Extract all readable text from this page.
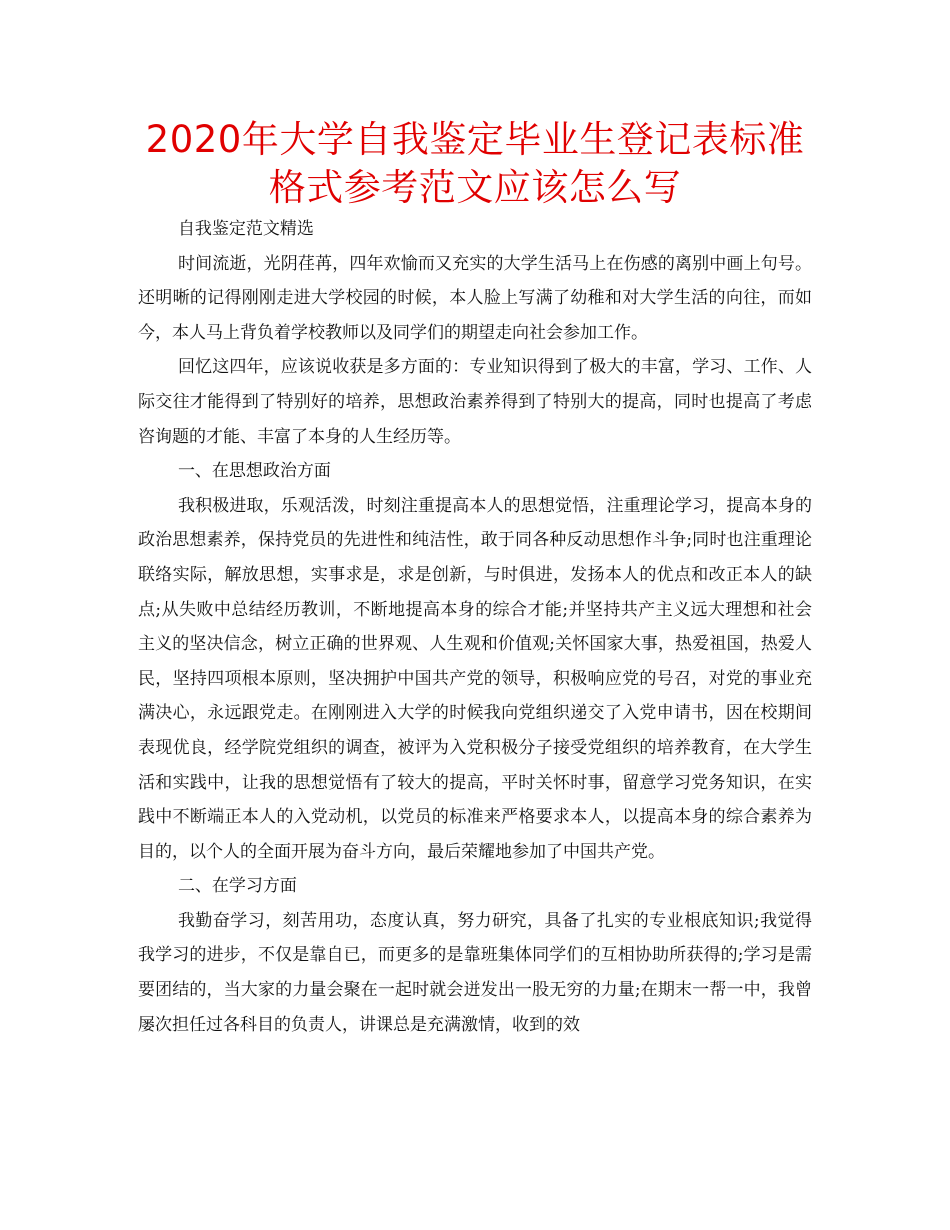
2020年大学自我鉴定毕业生登记表标准格式参考范文应该怎么写

自我鉴定范文精选

时间流逝，光阴荏苒，四年欢愉而又充实的大学生活马上在伤感的离别中画上句号。还明晰的记得刚刚走进大学校园的时候，本人脸上写满了幼稚和对大学生活的向往，而如今，本人马上背负着学校教师以及同学们的期望走向社会参加工作。

回忆这四年，应该说收获是多方面的：专业知识得到了极大的丰富，学习、工作、人际交往才能得到了特别好的培养，思想政治素养得到了特别大的提高，同时也提高了考虑咨询题的才能、丰富了本身的人生经历等。

一、在思想政治方面

我积极进取，乐观活泼，时刻注重提高本人的思想觉悟，注重理论学习，提高本身的政治思想素养，保持党员的先进性和纯洁性，敢于同各种反动思想作斗争;同时也注重理论联络实际，解放思想，实事求是，求是创新，与时俱进，发扬本人的优点和改正本人的缺点;从失败中总结经历教训，不断地提高本身的综合才能;并坚持共产主义远大理想和社会主义的坚决信念，树立正确的世界观、人生观和价值观;关怀国家大事，热爱祖国，热爱人民，坚持四项根本原则，坚决拥护中国共产党的领导，积极响应党的号召，对党的事业充满决心，永远跟党走。在刚刚进入大学的时候我向党组织递交了入党申请书，因在校期间表现优良，经学院党组织的调查，被评为入党积极分子接受党组织的培养教育，在大学生活和实践中，让我的思想觉悟有了较大的提高，平时关怀时事，留意学习党务知识，在实践中不断端正本人的入党动机，以党员的标准来严格要求本人，以提高本身的综合素养为目的，以个人的全面开展为奋斗方向，最后荣耀地参加了中国共产党。

二、在学习方面

我勤奋学习，刻苦用功，态度认真，努力研究，具备了扎实的专业根底知识;我觉得我学习的进步，不仅是靠自已，而更多的是靠班集体同学们的互相协助所获得的;学习是需要团结的，当大家的力量会聚在一起时就会迸发出一股无穷的力量;在期末一帮一中，我曾屡次担任过各科目的负责人，讲课总是充满激情，收到的效
